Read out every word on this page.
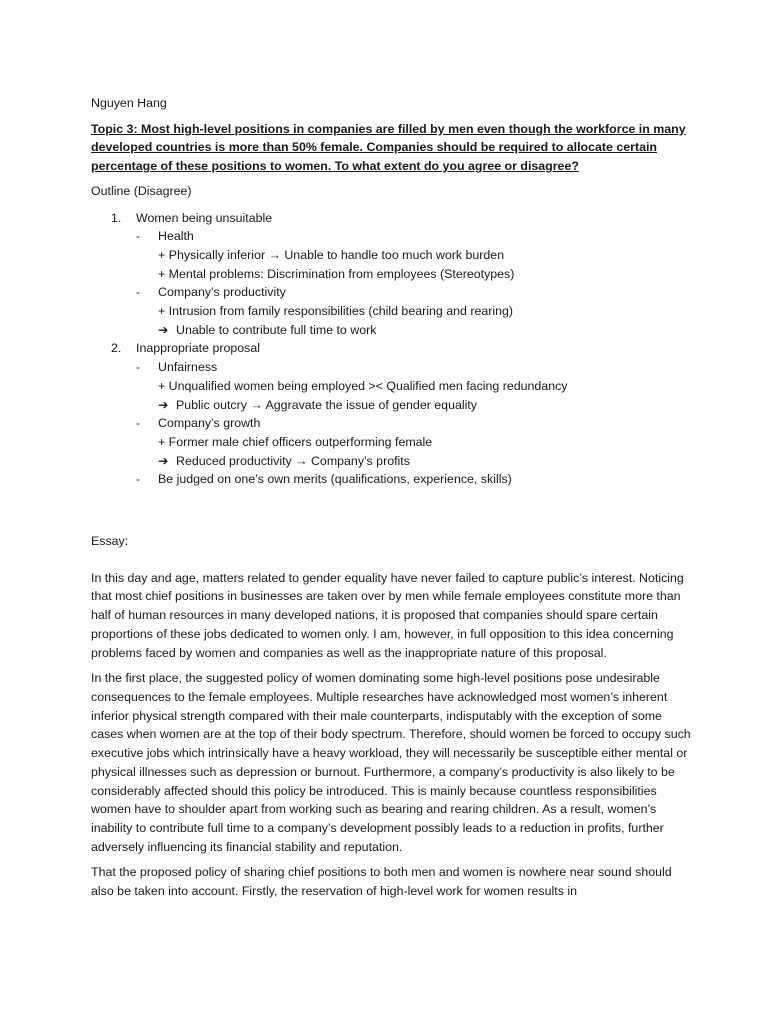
Nguyen Hang

Topic 3: Most high-level positions in companies are filled by men even though the workforce in many developed countries is more than 50% female. Companies should be required to allocate certain percentage of these positions to women. To what extent do you agree or disagree?

Outline (Disagree)

1. Women being unsuitable
- Health
+ Physically inferior → Unable to handle too much work burden
+ Mental problems: Discrimination from employees (Stereotypes)
- Company’s productivity
+ Intrusion from family responsibilities (child bearing and rearing)
➔ Unable to contribute full time to work
2. Inappropriate proposal
- Unfairness
+ Unqualified women being employed >< Qualified men facing redundancy
➔ Public outcry → Aggravate the issue of gender equality
- Company’s growth
+ Former male chief officers outperforming female
➔ Reduced productivity → Company’s profits
- Be judged on one’s own merits (qualifications, experience, skills)

Essay:

In this day and age, matters related to gender equality have never failed to capture public’s interest. Noticing that most chief positions in businesses are taken over by men while female employees constitute more than half of human resources in many developed nations, it is proposed that companies should spare certain proportions of these jobs dedicated to women only. I am, however, in full opposition to this idea concerning problems faced by women and companies as well as the inappropriate nature of this proposal.

In the first place, the suggested policy of women dominating some high-level positions pose undesirable consequences to the female employees. Multiple researches have acknowledged most women’s inherent inferior physical strength compared with their male counterparts, indisputably with the exception of some cases when women are at the top of their body spectrum. Therefore, should women be forced to occupy such executive jobs which intrinsically have a heavy workload, they will necessarily be susceptible either mental or physical illnesses such as depression or burnout. Furthermore, a company’s productivity is also likely to be considerably affected should this policy be introduced. This is mainly because countless responsibilities women have to shoulder apart from working such as bearing and rearing children. As a result, women’s inability to contribute full time to a company’s development possibly leads to a reduction in profits, further adversely influencing its financial stability and reputation.

That the proposed policy of sharing chief positions to both men and women is nowhere near sound should also be taken into account. Firstly, the reservation of high-level work for women results in
